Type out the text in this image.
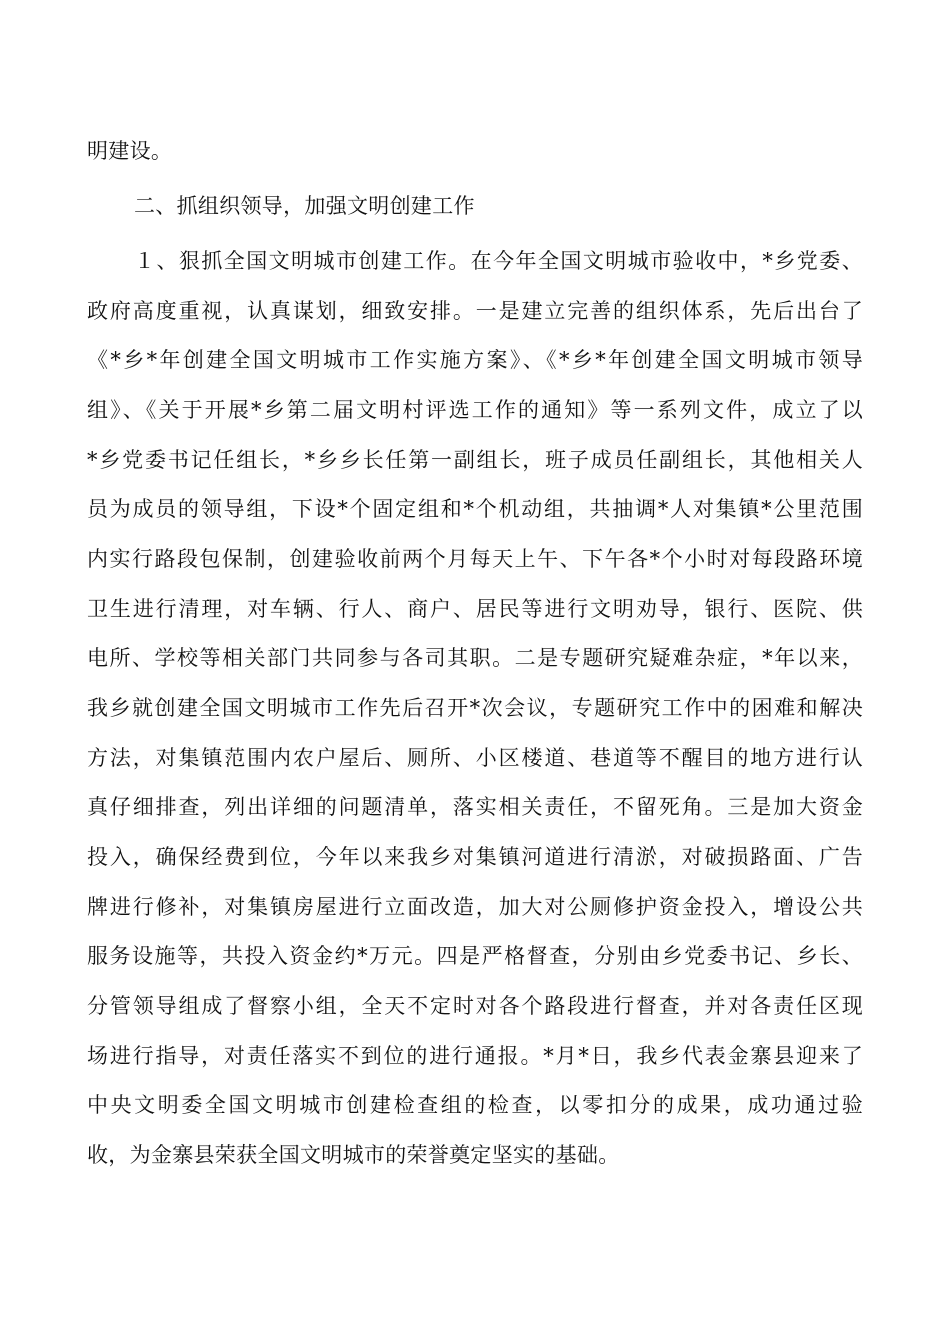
明建设。
二、抓组织领导，加强文明创建工作
１、狠抓全国文明城市创建工作。在今年全国文明城市验收中，*乡党委、
政府高度重视，认真谋划，细致安排。一是建立完善的组织体系，先后出台了
《*乡*年创建全国文明城市工作实施方案》、《*乡*年创建全国文明城市领导
组》、《关于开展*乡第二届文明村评选工作的通知》等一系列文件，成立了以
*乡党委书记任组长，*乡乡长任第一副组长，班子成员任副组长，其他相关人
员为成员的领导组，下设*个固定组和*个机动组，共抽调*人对集镇*公里范围
内实行路段包保制，创建验收前两个月每天上午、下午各*个小时对每段路环境
卫生进行清理，对车辆、行人、商户、居民等进行文明劝导，银行、医院、供
电所、学校等相关部门共同参与各司其职。二是专题研究疑难杂症，*年以来，
我乡就创建全国文明城市工作先后召开*次会议，专题研究工作中的困难和解决
方法，对集镇范围内农户屋后、厕所、小区楼道、巷道等不醒目的地方进行认
真仔细排查，列出详细的问题清单，落实相关责任，不留死角。三是加大资金
投入，确保经费到位，今年以来我乡对集镇河道进行清淤，对破损路面、广告
牌进行修补，对集镇房屋进行立面改造，加大对公厕修护资金投入，增设公共
服务设施等，共投入资金约*万元。四是严格督查，分别由乡党委书记、乡长、
分管领导组成了督察小组，全天不定时对各个路段进行督查，并对各责任区现
场进行指导，对责任落实不到位的进行通报。*月*日，我乡代表金寨县迎来了
中央文明委全国文明城市创建检查组的检查，以零扣分的成果，成功通过验
收，为金寨县荣获全国文明城市的荣誉奠定坚实的基础。
